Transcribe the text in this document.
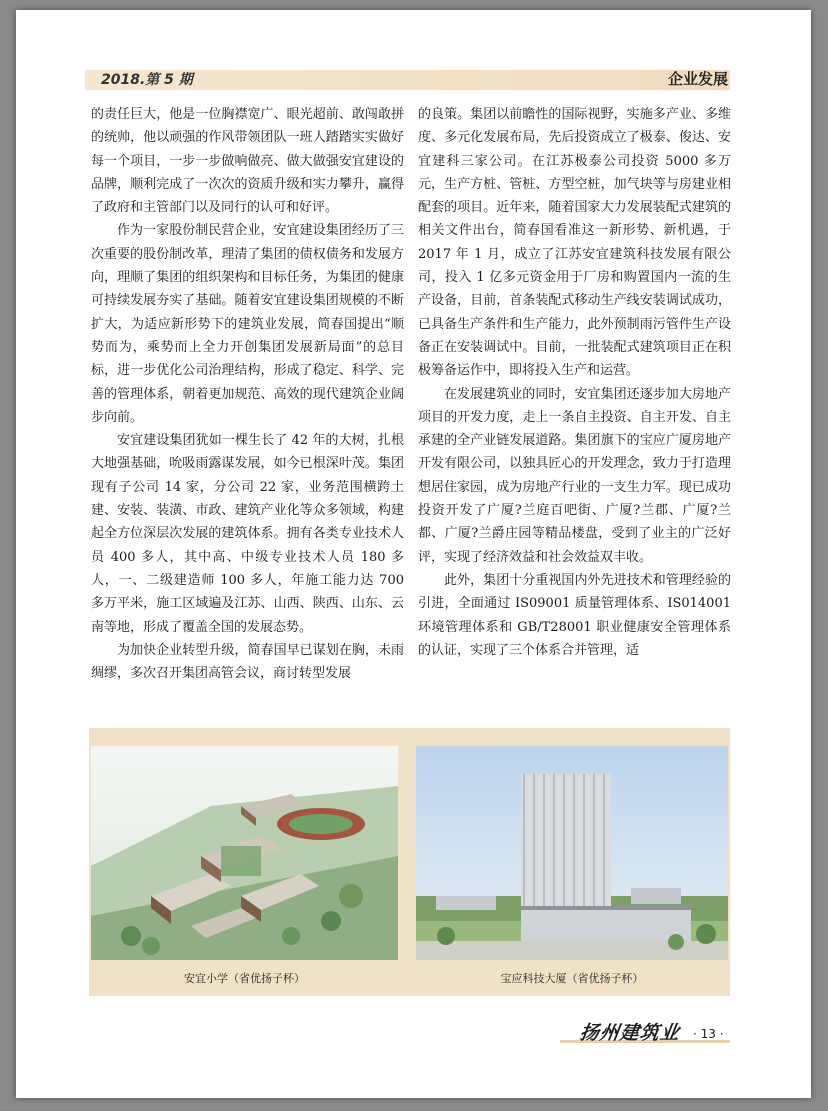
2018.第 5 期	企业发展

的责任巨大，他是一位胸襟宽广、眼光超前、敢闯敢拼的统帅，他以顽强的作风带领团队一班人踏踏实实做好每一个项目，一步一步做响做亮、做大做强安宜建设的品牌，顺利完成了一次次的资质升级和实力攀升，赢得了政府和主管部门以及同行的认可和好评。

作为一家股份制民营企业，安宜建设集团经历了三次重要的股份制改革，理清了集团的债权债务和发展方向，理顺了集团的组织架构和目标任务，为集团的健康可持续发展夯实了基础。随着安宜建设集团规模的不断扩大，为适应新形势下的建筑业发展，简春国提出“顺势而为，乘势而上全力开创集团发展新局面”的总目标，进一步优化公司治理结构，形成了稳定、科学、完善的管理体系，朝着更加规范、高效的现代建筑企业阔步向前。

安宜建设集团犹如一棵生长了 42 年的大树，扎根大地强基础，吮吸雨露谋发展，如今已根深叶茂。集团现有子公司 14 家，分公司 22 家，业务范围横跨土建、安装、装潢、市政、建筑产业化等众多领域，构建起全方位深层次发展的建筑体系。拥有各类专业技术人员 400 多人，其中高、中级专业技术人员 180 多人，一、二级建造师 100 多人，年施工能力达 700 多万平米，施工区域遍及江苏、山西、陕西、山东、云南等地，形成了覆盖全国的发展态势。

为加快企业转型升级，简春国早已谋划在胸，未雨绸缪，多次召开集团高管会议，商讨转型发展

的良策。集团以前瞻性的国际视野，实施多产业、多维度、多元化发展布局，先后投资成立了极泰、俊达、安宜建科三家公司。在江苏极泰公司投资 5000 多万元，生产方桩、管桩、方型空桩，加气块等与房建业相配套的项目。近年来，随着国家大力发展装配式建筑的相关文件出台，简春国看准这一新形势、新机遇，于 2017 年 1 月，成立了江苏安宜建筑科技发展有限公司，投入 1 亿多元资金用于厂房和购置国内一流的生产设备，目前，首条装配式移动生产线安装调试成功，已具备生产条件和生产能力，此外预制雨污管件生产设备正在安装调试中。目前，一批装配式建筑项目正在积极筹备运作中，即将投入生产和运营。

在发展建筑业的同时，安宜集团还逐步加大房地产项目的开发力度，走上一条自主投资、自主开发、自主承建的全产业链发展道路。集团旗下的宝应广厦房地产开发有限公司，以独具匠心的开发理念，致力于打造理想居住家园，成为房地产行业的一支生力军。现已成功投资开发了广厦?兰庭百吧街、广厦?兰郡、广厦?兰都、广厦?兰爵庄园等精品楼盘，受到了业主的广泛好评，实现了经济效益和社会效益双丰收。

此外，集团十分重视国内外先进技术和管理经验的引进，全面通过 IS09001 质量管理体系、IS014001 环境管理体系和 GB/T28001 职业健康安全管理体系的认证，实现了三个体系合并管理，适

安宜小学（省优扬子杯）	宝应科技大厦（省优扬子杯）
扬州建筑业 · 13 ·
